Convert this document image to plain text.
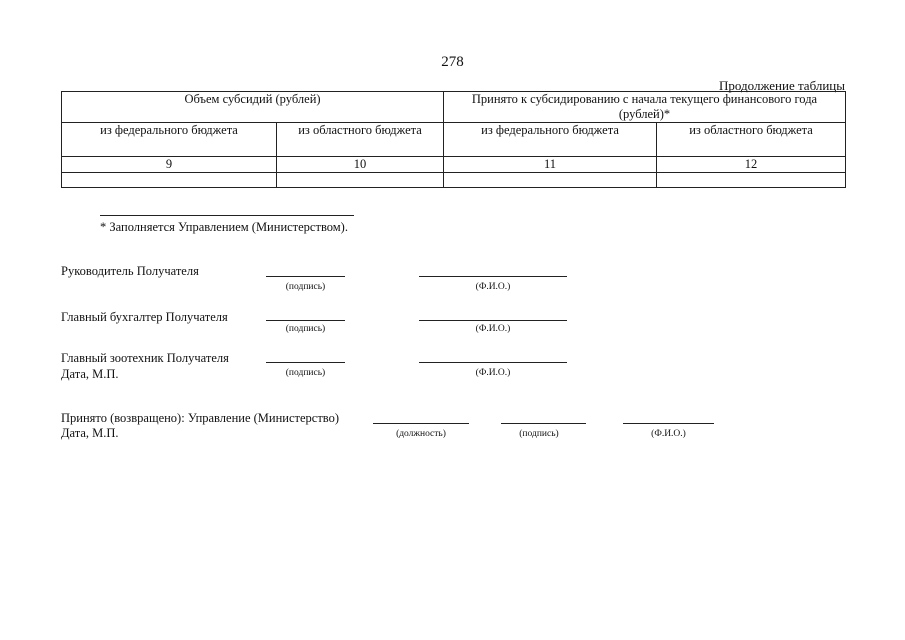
278
Продолжение таблицы
Объем субсидий (рублей)		Принято к субсидированию с начала текущего финансового года (рублей)*	
из федерального бюджета	из областного бюджета	из федерального бюджета	из областного бюджета
9	10	11	12

* Заполняется Управлением (Министерством).
Руководитель Получателя
(подпись)	(Ф.И.О.)
Главный бухгалтер Получателя
(подпись)	(Ф.И.О.)
Главный зоотехник Получателя
Дата, М.П.	(подпись)	(Ф.И.О.)
Принято (возвращено): Управление (Министерство)
Дата, М.П.	(должность)	(подпись)	(Ф.И.О.)
